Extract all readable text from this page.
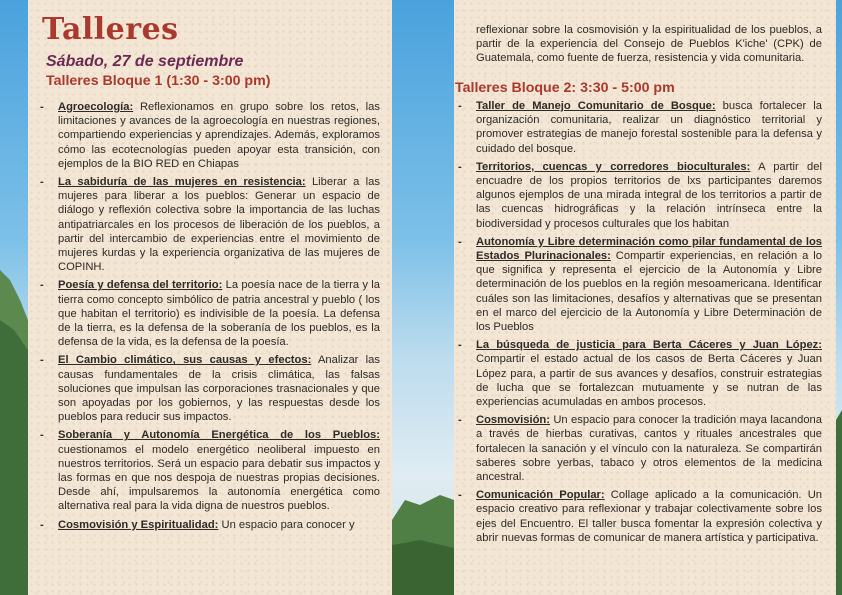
Talleres
Sábado, 27 de septiembre
Talleres Bloque 1 (1:30 - 3:00 pm)
- Agroecología: Reflexionamos en grupo sobre los retos, las limitaciones y avances de la agroecología en nuestras regiones, compartiendo experiencias y aprendizajes. Además, exploramos cómo las ecotecnologías pueden apoyar esta transición, con ejemplos de la BIO RED en Chiapas
- La sabiduría de las mujeres en resistencia: Liberar a las mujeres para liberar a los pueblos: Generar un espacio de diálogo y reflexión colectiva sobre la importancia de las luchas antipatriarcales en los procesos de liberación de los pueblos, a partir del intercambio de experiencias entre el movimiento de mujeres kurdas y la experiencia organizativa de las mujeres de COPINH.
- Poesía y defensa del territorio: La poesía nace de la tierra y la tierra como concepto simbólico de patria ancestral y pueblo ( los que habitan el territorio) es indivisible de la poesía. La defensa de la tierra, es la defensa de la soberanía de los pueblos, es la defensa de la vida, es la defensa de la poesía.
- El Cambio climático, sus causas y efectos: Analizar las causas fundamentales de la crisis climática, las falsas soluciones que impulsan las corporaciones trasnacionales y que son apoyadas por los gobiernos, y las respuestas desde los pueblos para reducir sus impactos.
- Soberanía y Autonomía Energética de los Pueblos: cuestionamos el modelo energético neoliberal impuesto en nuestros territorios. Será un espacio para debatir sus impactos y las formas en que nos despoja de nuestras propias decisiones. Desde ahí, impulsaremos la autonomía energética como alternativa real para la vida digna de nuestros pueblos.
- Cosmovisión y Espiritualidad: Un espacio para conocer y
reflexionar sobre la cosmovisión y la espiritualidad de los pueblos, a partir de la experiencia del Consejo de Pueblos K'iche' (CPK) de Guatemala, como fuente de fuerza, resistencia y vida comunitaria.
Talleres Bloque 2: 3:30 - 5:00 pm
- Taller de Manejo Comunitario de Bosque: busca fortalecer la organización comunitaria, realizar un diagnóstico territorial y promover estrategias de manejo forestal sostenible para la defensa y cuidado del bosque.
- Territorios, cuencas y corredores bioculturales: A partir del encuadre de los propios territorios de lxs participantes daremos algunos ejemplos de una mirada integral de los territorios a partir de las cuencas hidrográficas y la relación intrínseca entre la biodiversidad y procesos culturales que los habitan
- Autonomía y Libre determinación como pilar fundamental de los Estados Plurinacionales: Compartir experiencias, en relación a lo que significa y representa el ejercicio de la Autonomía y Libre determinación de los pueblos en la región mesoamericana. Identificar cuáles son las limitaciones, desafíos y alternativas que se presentan en el marco del ejercicio de la Autonomía y Libre Determinación de los Pueblos
- La búsqueda de justicia para Berta Cáceres y Juan López: Compartir el estado actual de los casos de Berta Cáceres y Juan López para, a partir de sus avances y desafíos, construir estrategias de lucha que se fortalezcan mutuamente y se nutran de las experiencias acumuladas en ambos procesos.
- Cosmovisión: Un espacio para conocer la tradición maya lacandona a través de hierbas curativas, cantos y rituales ancestrales que fortalecen la sanación y el vínculo con la naturaleza. Se compartirán saberes sobre yerbas, tabaco y otros elementos de la medicina ancestral.
- Comunicación Popular: Collage aplicado a la comunicación. Un espacio creativo para reflexionar y trabajar colectivamente sobre los ejes del Encuentro. El taller busca fomentar la expresión colectiva y abrir nuevas formas de comunicar de manera artística y participativa.
